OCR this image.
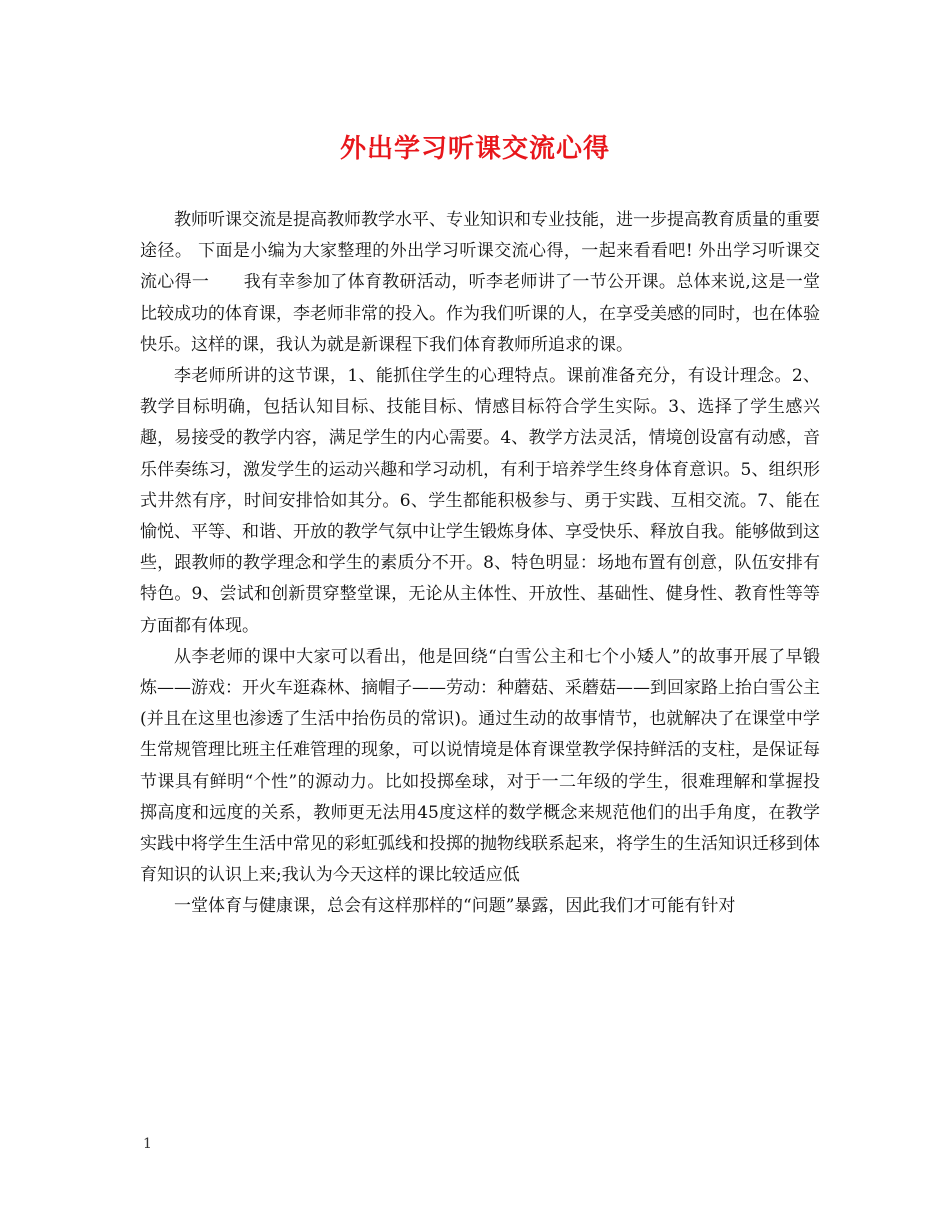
外出学习听课交流心得

教师听课交流是提高教师教学水平、专业知识和专业技能，进一步提高教育质量的重要途径。 下面是小编为大家整理的外出学习听课交流心得，一起来看看吧! 外出学习听课交流心得一　　我有幸参加了体育教研活动，听李老师讲了一节公开课。总体来说,这是一堂比较成功的体育课，李老师非常的投入。作为我们听课的人，在享受美感的同时，也在体验快乐。这样的课，我认为就是新课程下我们体育教师所追求的课。

李老师所讲的这节课，1、能抓住学生的心理特点。课前准备充分，有设计理念。2、教学目标明确，包括认知目标、技能目标、情感目标符合学生实际。3、选择了学生感兴趣，易接受的教学内容，满足学生的内心需要。4、教学方法灵活，情境创设富有动感，音乐伴奏练习，激发学生的运动兴趣和学习动机，有利于培养学生终身体育意识。5、组织形式井然有序，时间安排恰如其分。6、学生都能积极参与、勇于实践、互相交流。7、能在愉悦、平等、和谐、开放的教学气氛中让学生锻炼身体、享受快乐、释放自我。能够做到这些，跟教师的教学理念和学生的素质分不开。8、特色明显：场地布置有创意，队伍安排有特色。9、尝试和创新贯穿整堂课，无论从主体性、开放性、基础性、健身性、教育性等等方面都有体现。

从李老师的课中大家可以看出，他是回绕“白雪公主和七个小矮人”的故事开展了早锻炼——游戏：开火车逛森林、摘帽子——劳动：种蘑菇、采蘑菇——到回家路上抬白雪公主(并且在这里也渗透了生活中抬伤员的常识)。通过生动的故事情节，也就解决了在课堂中学生常规管理比班主任难管理的现象，可以说情境是体育课堂教学保持鲜活的支柱，是保证每节课具有鲜明“个性”的源动力。比如投掷垒球，对于一二年级的学生，很难理解和掌握投掷高度和远度的关系，教师更无法用45度这样的数学概念来规范他们的出手角度，在教学实践中将学生生活中常见的彩虹弧线和投掷的抛物线联系起来，将学生的生活知识迁移到体育知识的认识上来;我认为今天这样的课比较适应低

一堂体育与健康课，总会有这样那样的“问题”暴露，因此我们才可能有针对

1
